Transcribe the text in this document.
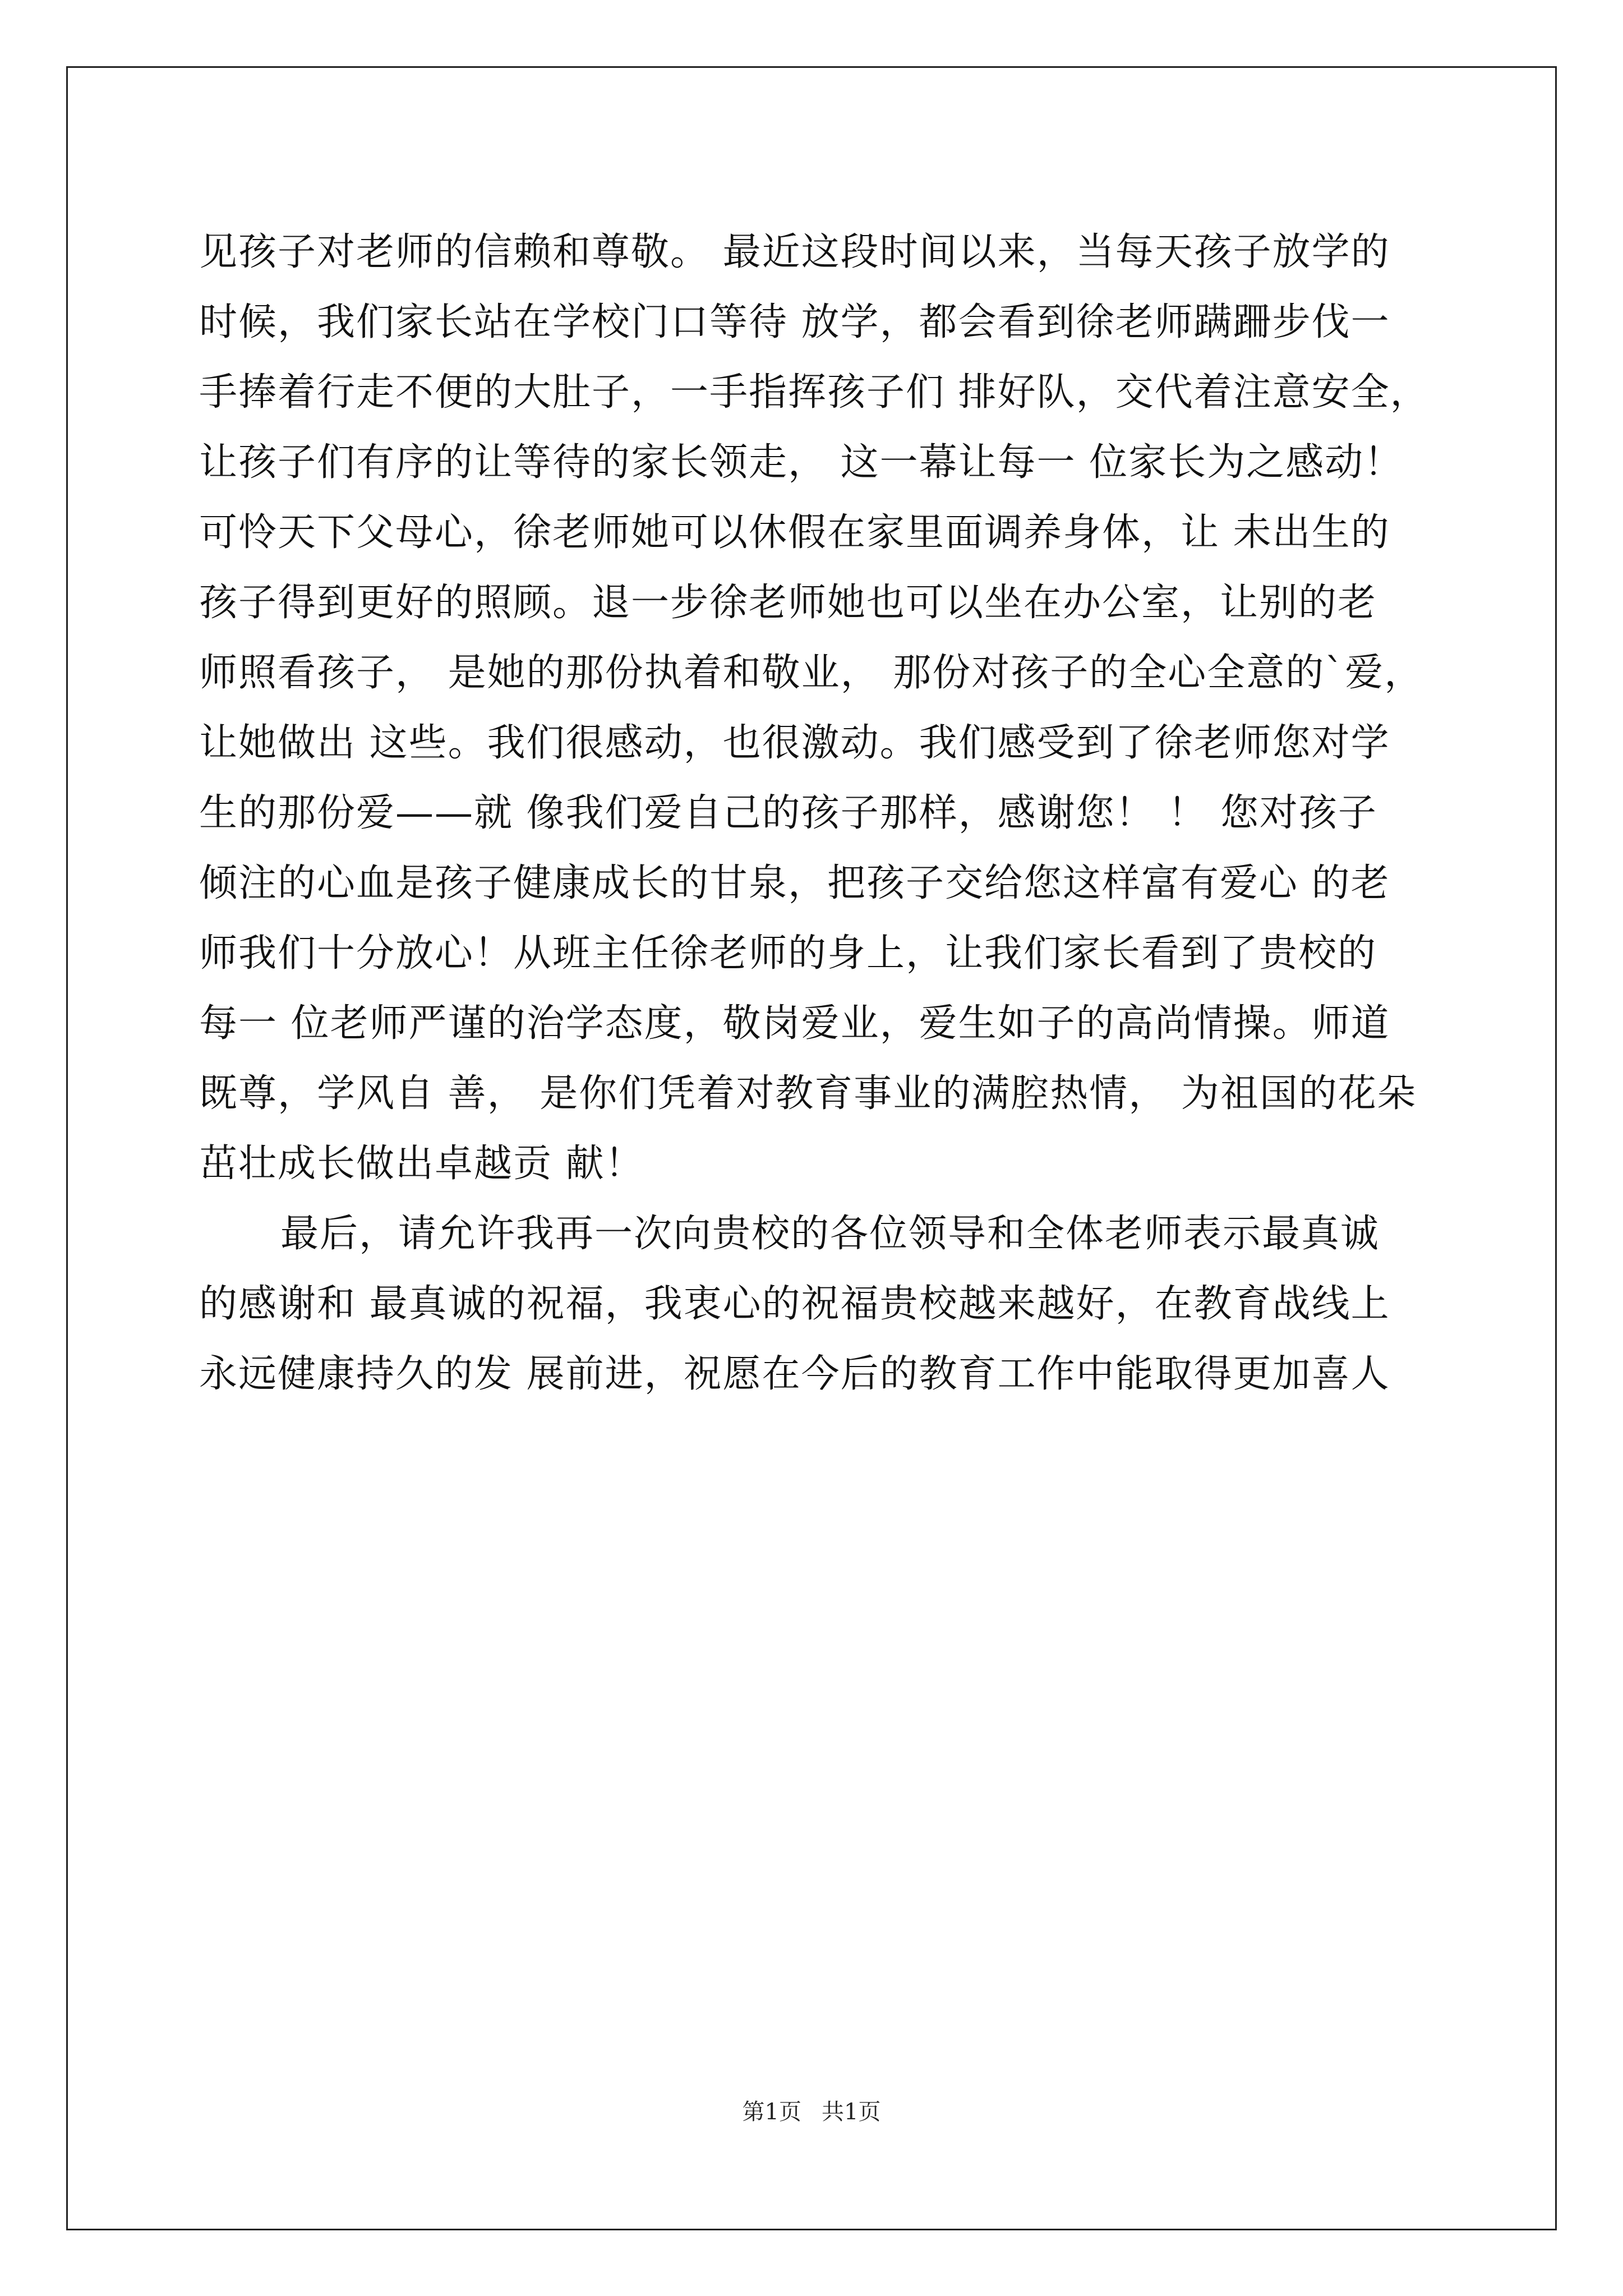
见孩子对老师的信赖和尊敬。 最近这段时间以来，当每天孩子放学的
时候，我们家长站在学校门口等待 放学，都会看到徐老师蹒跚步伐一
手捧着行走不便的大肚子，一手指挥孩子们 排好队，交代着注意安全，
让孩子们有序的让等待的家长领走， 这一幕让每一 位家长为之感动！
可怜天下父母心，徐老师她可以休假在家里面调养身体，让 未出生的
孩子得到更好的照顾。退一步徐老师她也可以坐在办公室，让别的老
师照看孩子， 是她的那份执着和敬业， 那份对孩子的全心全意的`爱，
让她做出 这些。我们很感动，也很激动。我们感受到了徐老师您对学
生的那份爱——就 像我们爱自己的孩子那样，感谢您！ ！ 您对孩子
倾注的心血是孩子健康成长的甘泉，把孩子交给您这样富有爱心 的老
师我们十分放心！从班主任徐老师的身上，让我们家长看到了贵校的
每一 位老师严谨的治学态度，敬岗爱业，爱生如子的高尚情操。师道
既尊，学风自 善， 是你们凭着对教育事业的满腔热情， 为祖国的花朵
茁壮成长做出卓越贡 献！
最后，请允许我再一次向贵校的各位领导和全体老师表示最真诚
的感谢和 最真诚的祝福，我衷心的祝福贵校越来越好，在教育战线上
永远健康持久的发 展前进，祝愿在今后的教育工作中能取得更加喜人
第1页 共1页
